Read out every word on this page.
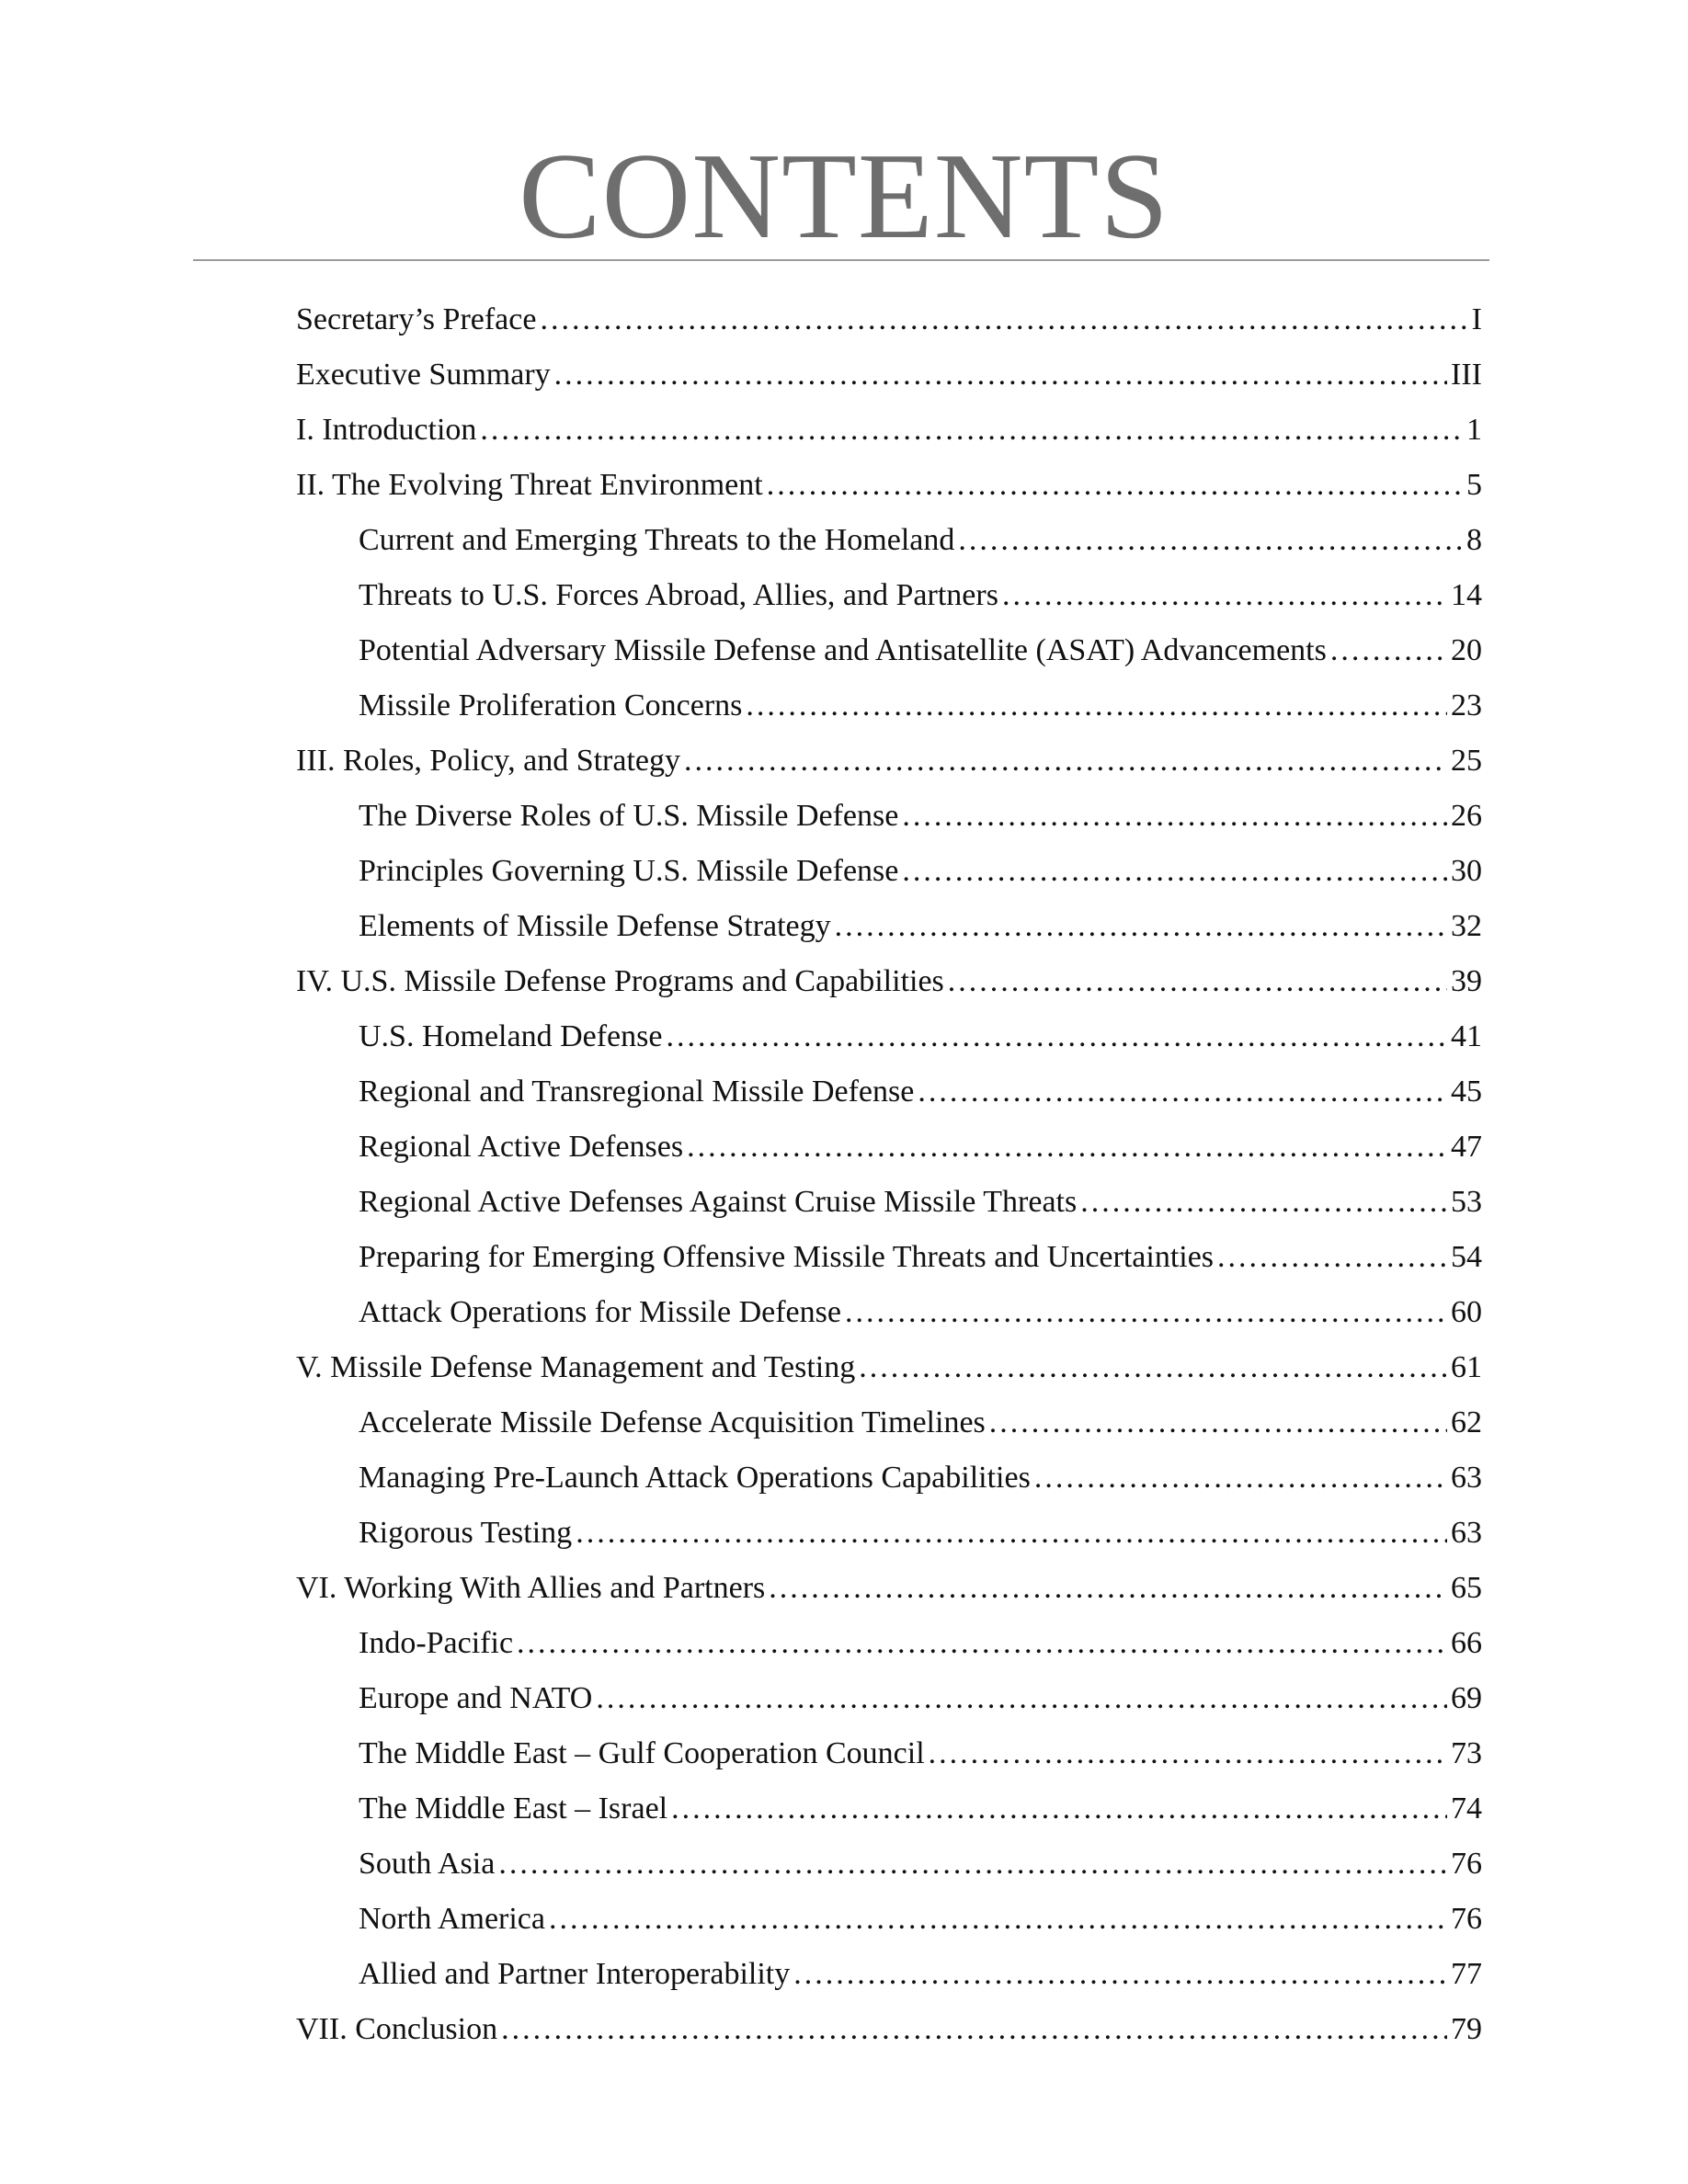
CONTENTS
Secretary’s Preface .....	I
Executive Summary .....	III
I. Introduction .....	1
II. The Evolving Threat Environment .....	5
Current and Emerging Threats to the Homeland .....	8
Threats to U.S. Forces Abroad, Allies, and Partners .....	14
Potential Adversary Missile Defense and Antisatellite (ASAT) Advancements .....	20
Missile Proliferation Concerns .....	23
III. Roles, Policy, and Strategy .....	25
The Diverse Roles of U.S. Missile Defense .....	26
Principles Governing U.S. Missile Defense .....	30
Elements of Missile Defense Strategy .....	32
IV. U.S. Missile Defense Programs and Capabilities .....	39
U.S. Homeland Defense .....	41
Regional and Transregional Missile Defense .....	45
Regional Active Defenses .....	47
Regional Active Defenses Against Cruise Missile Threats .....	53
Preparing for Emerging Offensive Missile Threats and Uncertainties .....	54
Attack Operations for Missile Defense .....	60
V. Missile Defense Management and Testing .....	61
Accelerate Missile Defense Acquisition Timelines .....	62
Managing Pre-Launch Attack Operations Capabilities .....	63
Rigorous Testing .....	63
VI. Working With Allies and Partners .....	65
Indo-Pacific .....	66
Europe and NATO .....	69
The Middle East – Gulf Cooperation Council .....	73
The Middle East – Israel .....	74
South Asia .....	76
North America .....	76
Allied and Partner Interoperability .....	77
VII. Conclusion .....	79
